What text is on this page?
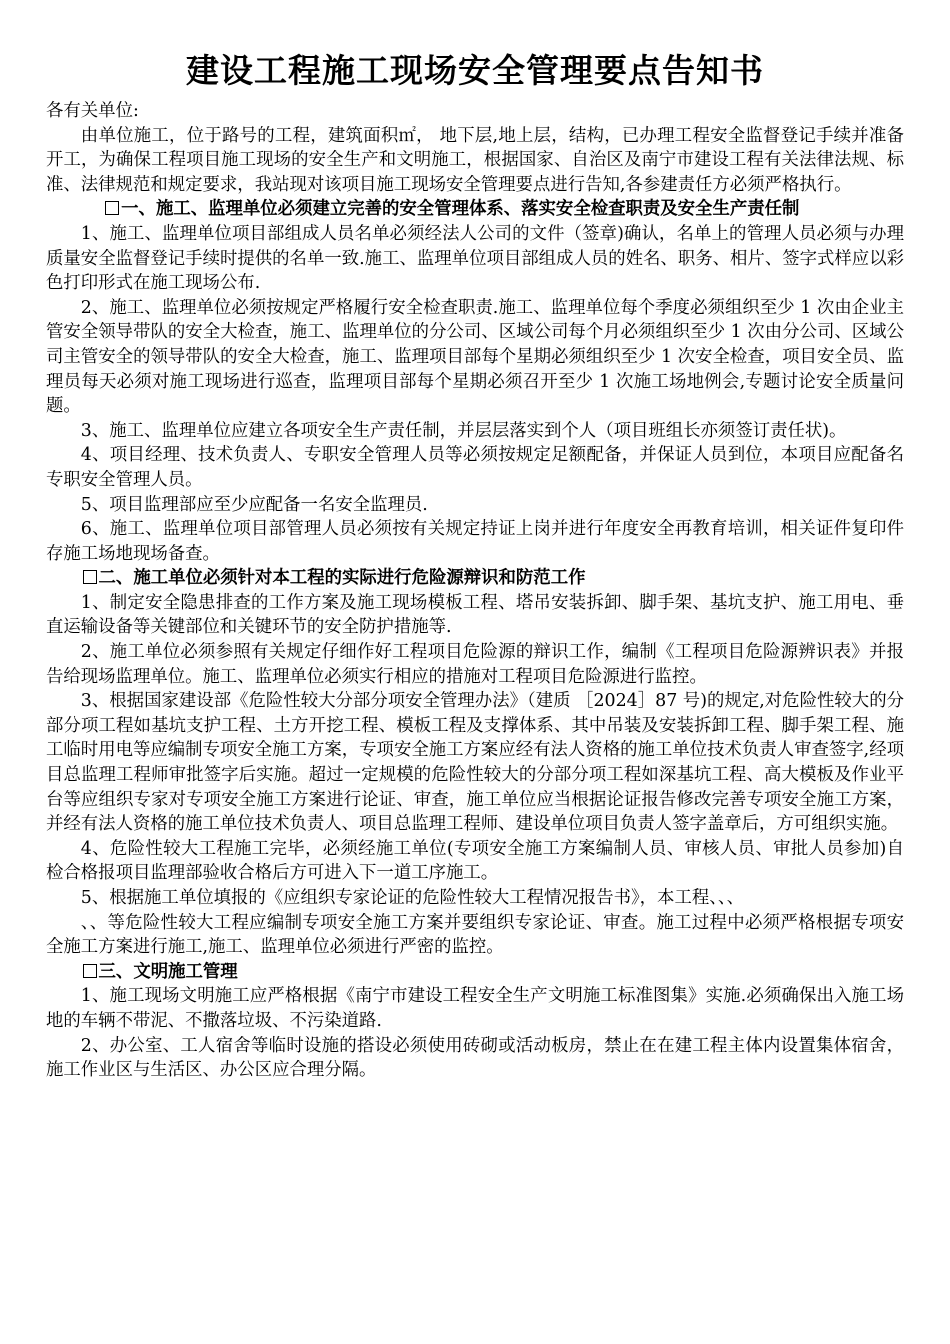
建设工程施工现场安全管理要点告知书

各有关单位:

由单位施工，位于路号的工程，建筑面积㎡， 地下层,地上层，结构，已办理工程安全监督登记手续并准备开工，为确保工程项目施工现场的安全生产和文明施工，根据国家、自治区及南宁市建设工程有关法律法规、标准、法律规范和规定要求，我站现对该项目施工现场安全管理要点进行告知,各参建责任方必须严格执行。

一、施工、监理单位必须建立完善的安全管理体系、落实安全检查职责及安全生产责任制

1、施工、监理单位项目部组成人员名单必须经法人公司的文件（签章)确认，名单上的管理人员必须与办理质量安全监督登记手续时提供的名单一致.施工、监理单位项目部组成人员的姓名、职务、相片、签字式样应以彩色打印形式在施工现场公布.

2、施工、监理单位必须按规定严格履行安全检查职责.施工、监理单位每个季度必须组织至少 1 次由企业主管安全领导带队的安全大检查，施工、监理单位的分公司、区域公司每个月必须组织至少 1 次由分公司、区域公司主管安全的领导带队的安全大检查，施工、监理项目部每个星期必须组织至少 1 次安全检查，项目安全员、监理员每天必须对施工现场进行巡查，监理项目部每个星期必须召开至少 1 次施工场地例会,专题讨论安全质量问题。

3、施工、监理单位应建立各项安全生产责任制，并层层落实到个人（项目班组长亦须签订责任状)。

4、项目经理、技术负责人、专职安全管理人员等必须按规定足额配备，并保证人员到位，本项目应配备名专职安全管理人员。

5、项目监理部应至少应配备一名安全监理员.

6、施工、监理单位项目部管理人员必须按有关规定持证上岗并进行年度安全再教育培训，相关证件复印件存施工场地现场备查。

二、施工单位必须针对本工程的实际进行危险源辩识和防范工作

1、制定安全隐患排查的工作方案及施工现场模板工程、塔吊安装拆卸、脚手架、基坑支护、施工用电、垂直运输设备等关键部位和关键环节的安全防护措施等.

2、施工单位必须参照有关规定仔细作好工程项目危险源的辩识工作，编制《工程项目危险源辨识表》并报告给现场监理单位。施工、监理单位必须实行相应的措施对工程项目危险源进行监控。

3、根据国家建设部《危险性较大分部分项安全管理办法》（建质 ［2024］87 号)的规定,对危险性较大的分部分项工程如基坑支护工程、土方开挖工程、模板工程及支撑体系、其中吊装及安装拆卸工程、脚手架工程、施工临时用电等应编制专项安全施工方案，专项安全施工方案应经有法人资格的施工单位技术负责人审查签字,经项目总监理工程师审批签字后实施。超过一定规模的危险性较大的分部分项工程如深基坑工程、高大模板及作业平台等应组织专家对专项安全施工方案进行论证、审查，施工单位应当根据论证报告修改完善专项安全施工方案，并经有法人资格的施工单位技术负责人、项目总监理工程师、建设单位项目负责人签字盖章后，方可组织实施。

4、危险性较大工程施工完毕，必须经施工单位(专项安全施工方案编制人员、审核人员、审批人员参加)自检合格报项目监理部验收合格后方可进入下一道工序施工。

5、根据施工单位填报的《应组织专家论证的危险性较大工程情况报告书》，本工程、、、

、、等危险性较大工程应编制专项安全施工方案并要组织专家论证、审查。施工过程中必须严格根据专项安全施工方案进行施工,施工、监理单位必须进行严密的监控。

三、文明施工管理

1、施工现场文明施工应严格根据《南宁市建设工程安全生产文明施工标准图集》实施.必须确保出入施工场地的车辆不带泥、不撒落垃圾、不污染道路.

2、办公室、工人宿舍等临时设施的搭设必须使用砖砌或活动板房，禁止在在建工程主体内设置集体宿舍，施工作业区与生活区、办公区应合理分隔。
